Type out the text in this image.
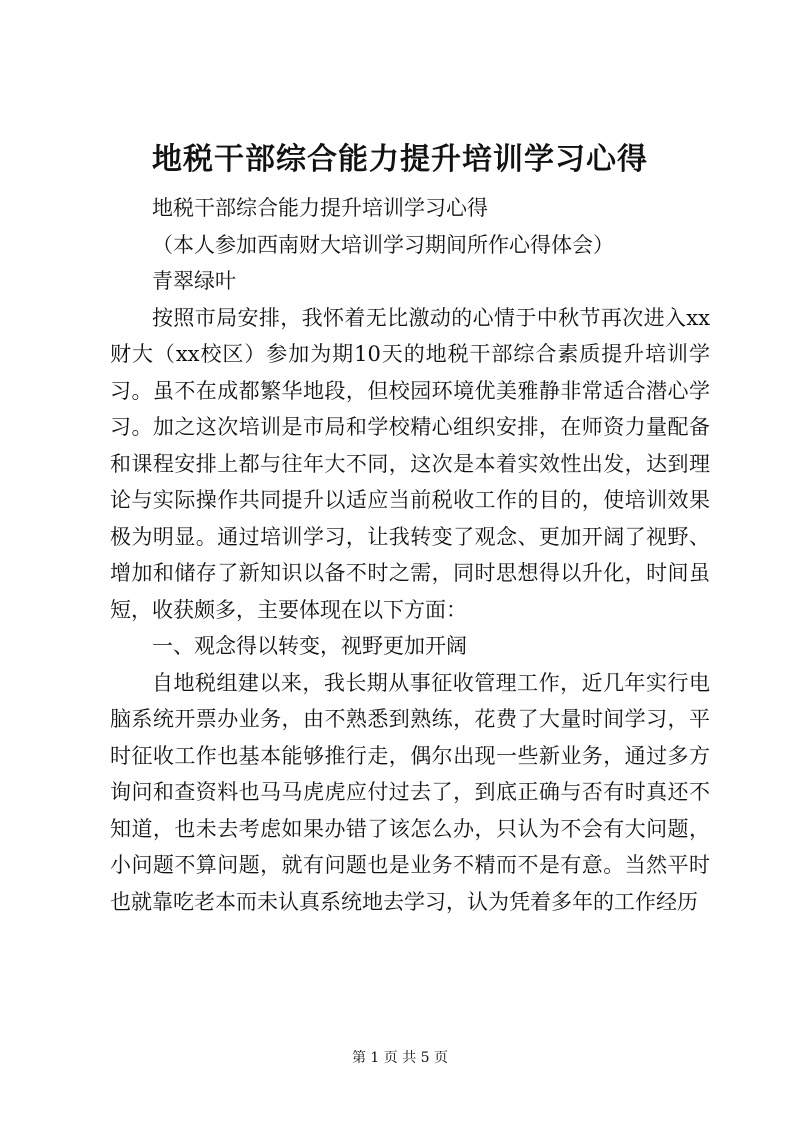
地税干部综合能力提升培训学习心得

地税干部综合能力提升培训学习心得

（本人参加西南财大培训学习期间所作心得体会）

青翠绿叶

按照市局安排，我怀着无比激动的心情于中秋节再次进入xx财大（xx校区）参加为期10天的地税干部综合素质提升培训学习。虽不在成都繁华地段，但校园环境优美雅静非常适合潜心学习。加之这次培训是市局和学校精心组织安排，在师资力量配备和课程安排上都与往年大不同，这次是本着实效性出发，达到理论与实际操作共同提升以适应当前税收工作的目的，使培训效果极为明显。通过培训学习，让我转变了观念、更加开阔了视野、增加和储存了新知识以备不时之需，同时思想得以升化，时间虽短，收获颇多，主要体现在以下方面：

一、观念得以转变，视野更加开阔

自地税组建以来，我长期从事征收管理工作，近几年实行电脑系统开票办业务，由不熟悉到熟练，花费了大量时间学习，平时征收工作也基本能够推行走，偶尔出现一些新业务，通过多方询问和查资料也马马虎虎应付过去了，到底正确与否有时真还不知道，也未去考虑如果办错了该怎么办，只认为不会有大问题，小问题不算问题，就有问题也是业务不精而不是有意。当然平时也就靠吃老本而未认真系统地去学习，认为凭着多年的工作经历

第 1 页 共 5 页
